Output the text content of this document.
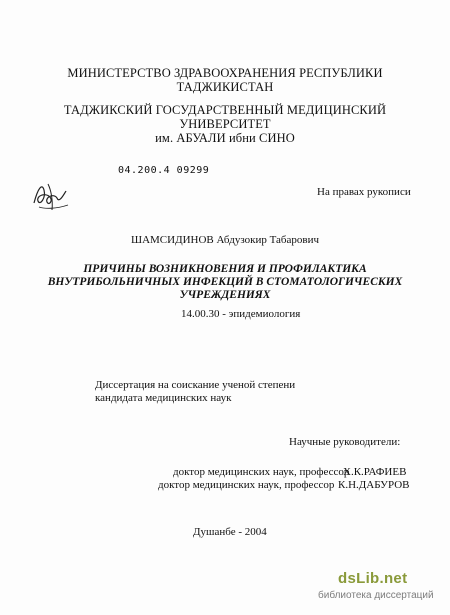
МИНИСТЕРСТВО ЗДРАВООХРАНЕНИЯ РЕСПУБЛИКИ
ТАДЖИКИСТАН
ТАДЖИКСКИЙ ГОСУДАРСТВЕННЫЙ МЕДИЦИНСКИЙ
УНИВЕРСИТЕТ
им. АБУАЛИ ибни СИНО
04.200.4 09299
На правах рукописи
ШАМСИДИНОВ Абдузокир Табарович
ПРИЧИНЫ ВОЗНИКНОВЕНИЯ И ПРОФИЛАКТИКА
ВНУТРИБОЛЬНИЧНЫХ ИНФЕКЦИЙ В СТОМАТОЛОГИЧЕСКИХ
УЧРЕЖДЕНИЯХ
14.00.30 - эпидемиология
Диссертация на соискание ученой степени
кандидата медицинских наук
Научные руководители:
доктор медицинских наук, профессор
Х.К.РАФИЕВ
доктор медицинских наук, профессор К.Н.ДАБУРОВ
Душанбе - 2004
dsLib.net
библиотека диссертаций
